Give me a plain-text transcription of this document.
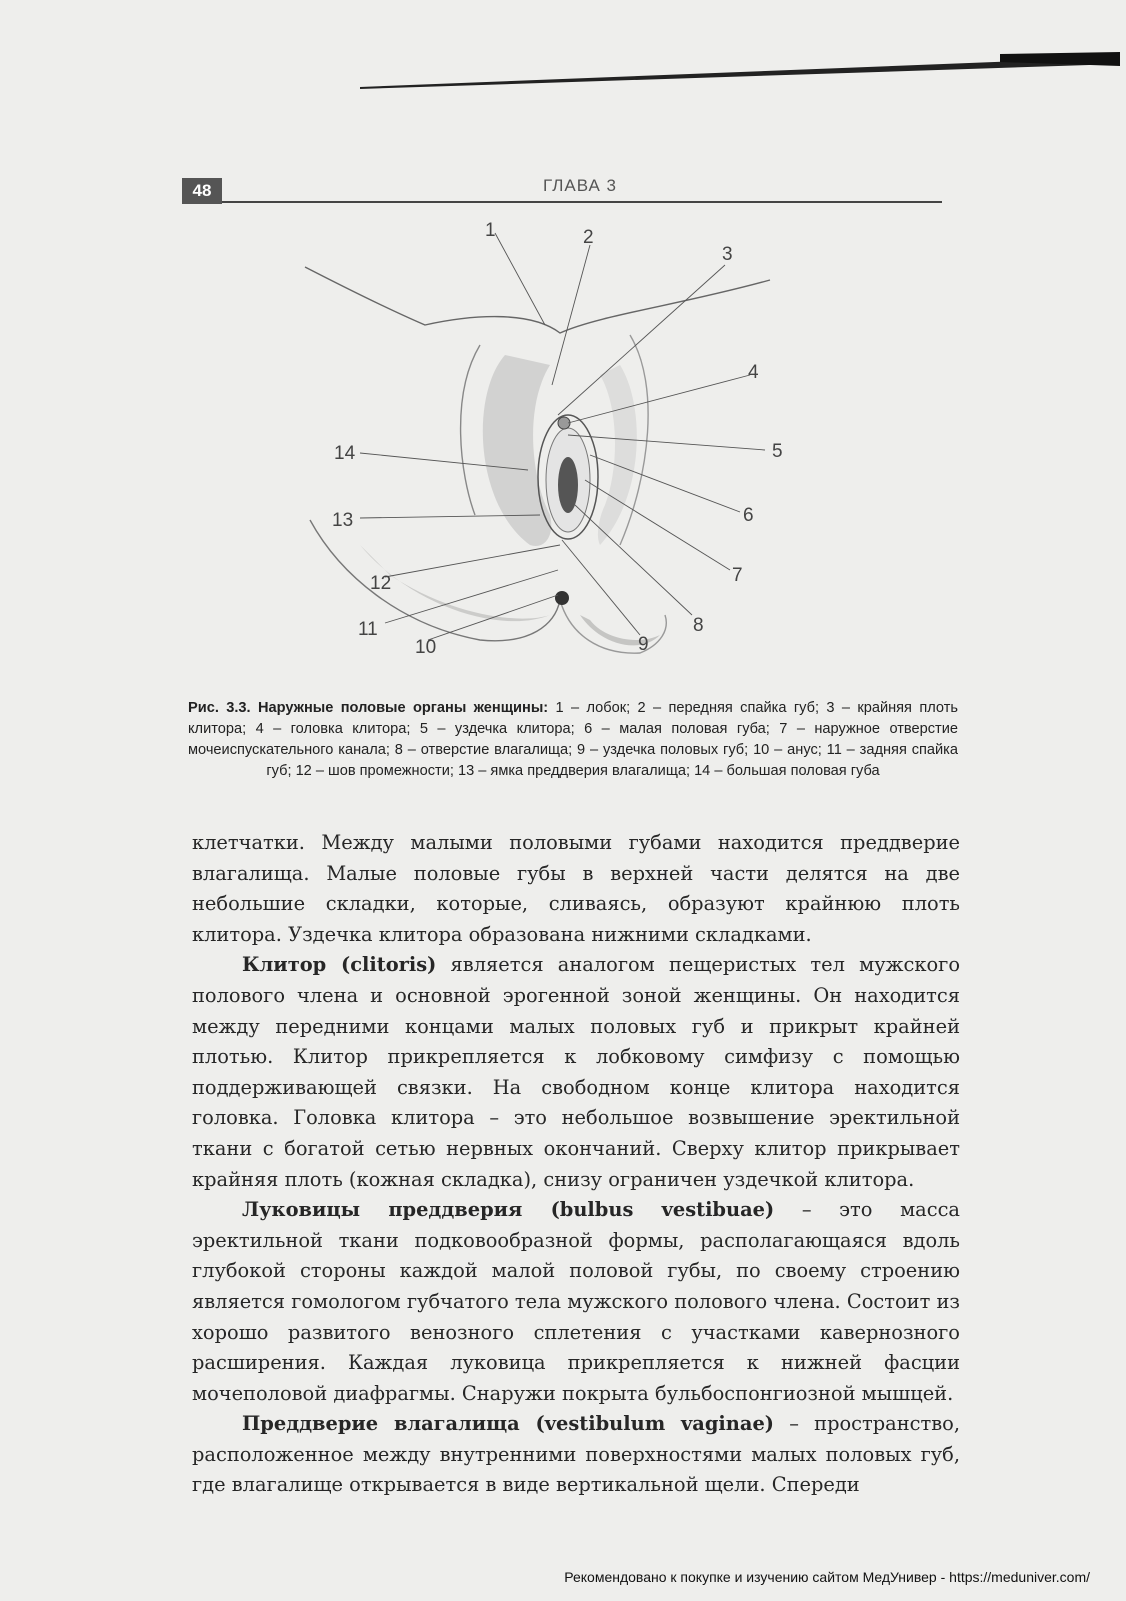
48	ГЛАВА 3
1	2
3
4
5
6
7
8
9
10
11
12
13
14
Рис. 3.3. Наружные половые органы женщины: 1 – лобок; 2 – передняя спайка губ; 3 – крайняя плоть клитора; 4 – головка клитора; 5 – уздечка клитора; 6 – малая половая губа; 7 – наружное отверстие мочеиспускательного канала; 8 – отверстие влагалища; 9 – уздечка половых губ; 10 – анус; 11 – задняя спайка губ; 12 – шов промежности; 13 – ямка преддверия влагалища; 14 – большая половая губа

клетчатки. Между малыми половыми губами находится преддверие влагалища. Малые половые губы в верхней части делятся на две небольшие складки, которые, сливаясь, образуют крайнюю плоть клитора. Уздечка клитора образована нижними складками.

Клитор (clitoris) является аналогом пещеристых тел мужского полового члена и основной эрогенной зоной женщины. Он находится между передними концами малых половых губ и прикрыт крайней плотью. Клитор прикрепляется к лобковому симфизу с помощью поддерживающей связки. На свободном конце клитора находится головка. Головка клитора – это небольшое возвышение эректильной ткани с богатой сетью нервных окончаний. Сверху клитор прикрывает крайняя плоть (кожная складка), снизу ограничен уздечкой клитора.

Луковицы преддверия (bulbus vestibuae) – это масса эректильной ткани подковообразной формы, располагающаяся вдоль глубокой стороны каждой малой половой губы, по своему строению является гомологом губчатого тела мужского полового члена. Состоит из хорошо развитого венозного сплетения с участками кавернозного расширения. Каждая луковица прикрепляется к нижней фасции мочеполовой диафрагмы. Снаружи покрыта бульбоспонгиозной мышцей.

Преддверие влагалища (vestibulum vaginae) – пространство, расположенное между внутренними поверхностями малых половых губ, где влагалище открывается в виде вертикальной щели. Спереди

Рекомендовано к покупке и изучению сайтом МедУнивер - https://meduniver.com/
